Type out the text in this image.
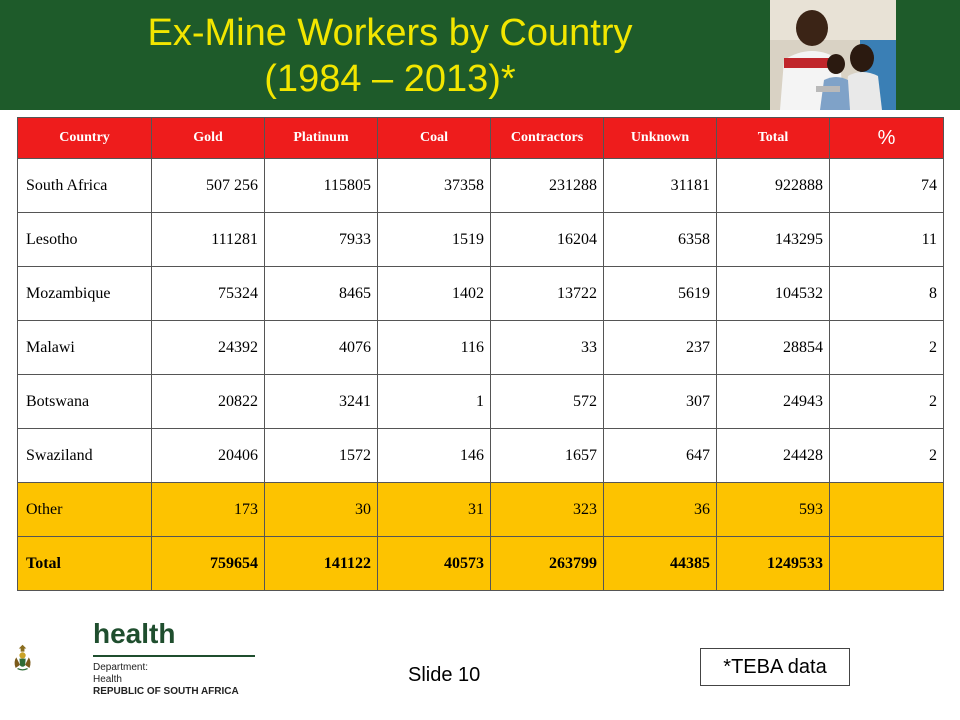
Ex-Mine Workers by Country
(1984 – 2013)*
Country	Gold	Platinum	Coal	Contractors	Unknown	Total	%
South Africa	507 256	115805	37358	231288	31181	922888	74
Lesotho	111281	7933	1519	16204	6358	143295	11
Mozambique	75324	8465	1402	13722	5619	104532	8
Malawi	24392	4076	116	33	237	28854	2
Botswana	20822	3241	1	572	307	24943	2
Swaziland	20406	1572	146	1657	647	24428	2
Other	173	30	31	323	36	593	
Total	759654	141122	40573	263799	44385	1249533	
health
Department:
Health
REPUBLIC OF SOUTH AFRICA
Slide 10	*TEBA data
